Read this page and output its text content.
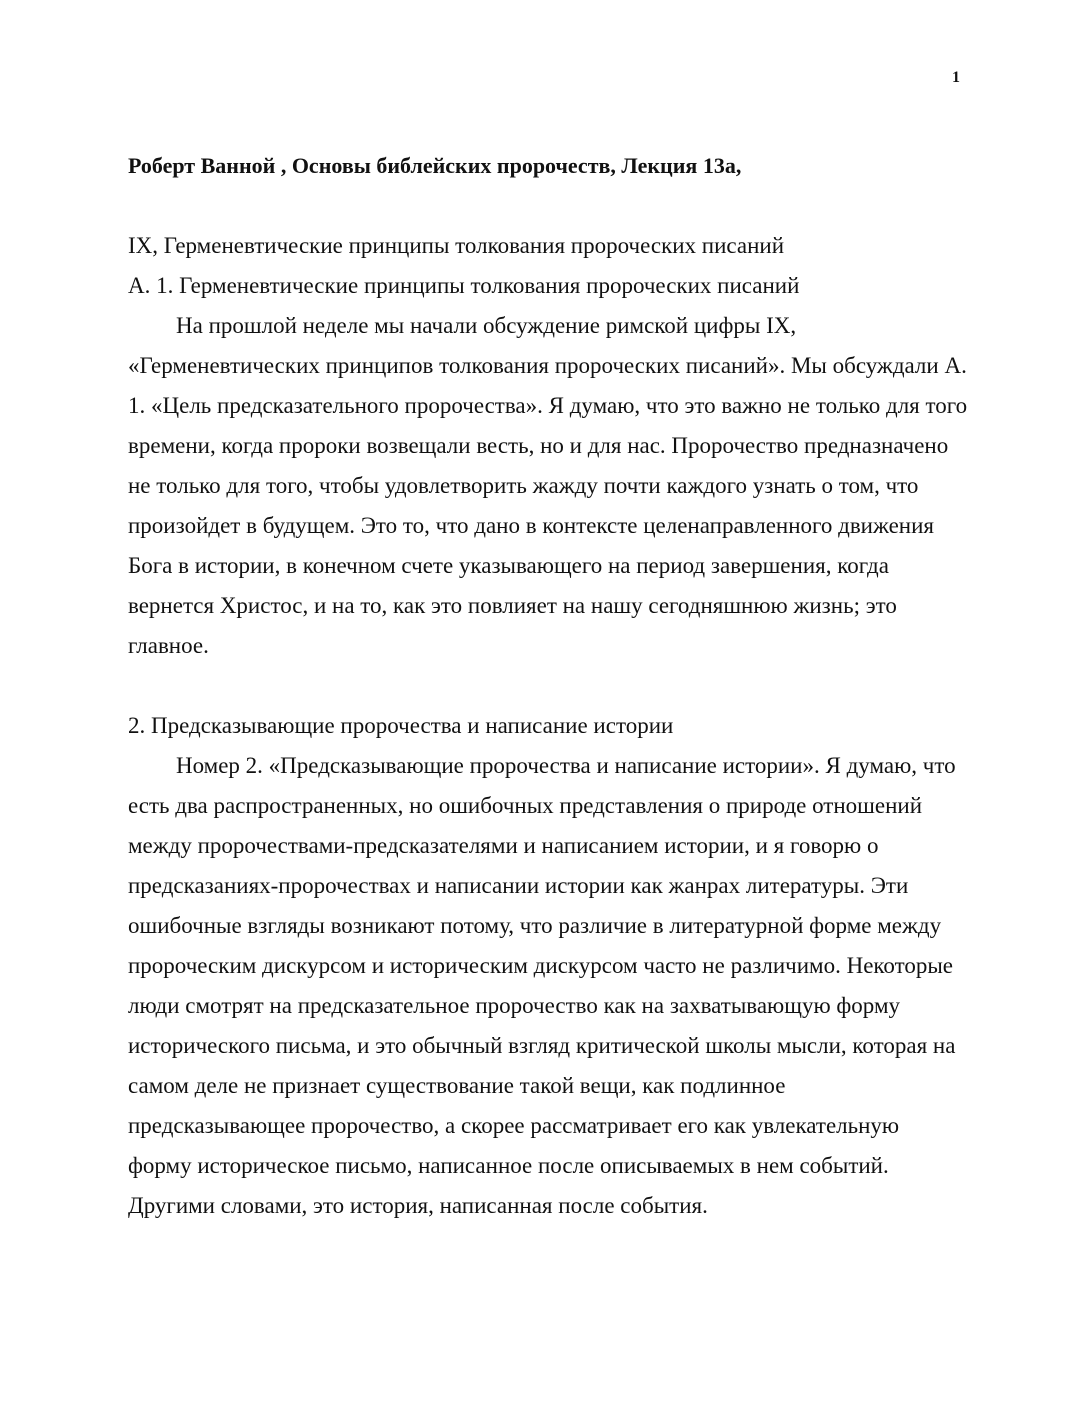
1

Роберт Ванной , Основы библейских пророчеств, Лекция 13а,

IX, Герменевтические принципы толкования пророческих писаний

А. 1. Герменевтические принципы толкования пророческих писаний

На прошлой неделе мы начали обсуждение римской цифры IX, «Герменевтических принципов толкования пророческих писаний». Мы обсуждали А. 1. «Цель предсказательного пророчества». Я думаю, что это важно не только для того времени, когда пророки возвещали весть, но и для нас. Пророчество предназначено не только для того, чтобы удовлетворить жажду почти каждого узнать о том, что произойдет в будущем. Это то, что дано в контексте целенаправленного движения Бога в истории, в конечном счете указывающего на период завершения, когда вернется Христос, и на то, как это повлияет на нашу сегодняшнюю жизнь; это главное.

2. Предсказывающие пророчества и написание истории

Номер 2. «Предсказывающие пророчества и написание истории». Я думаю, что есть два распространенных, но ошибочных представления о природе отношений между пророчествами-предсказателями и написанием истории, и я говорю о предсказаниях-пророчествах и написании истории как жанрах литературы. Эти ошибочные взгляды возникают потому, что различие в литературной форме между пророческим дискурсом и историческим дискурсом часто не различимо. Некоторые люди смотрят на предсказательное пророчество как на захватывающую форму исторического письма, и это обычный взгляд критической школы мысли, которая на самом деле не признает существование такой вещи, как подлинное предсказывающее пророчество, а скорее рассматривает его как увлекательную форму историческое письмо, написанное после описываемых в нем событий. Другими словами, это история, написанная после события.
